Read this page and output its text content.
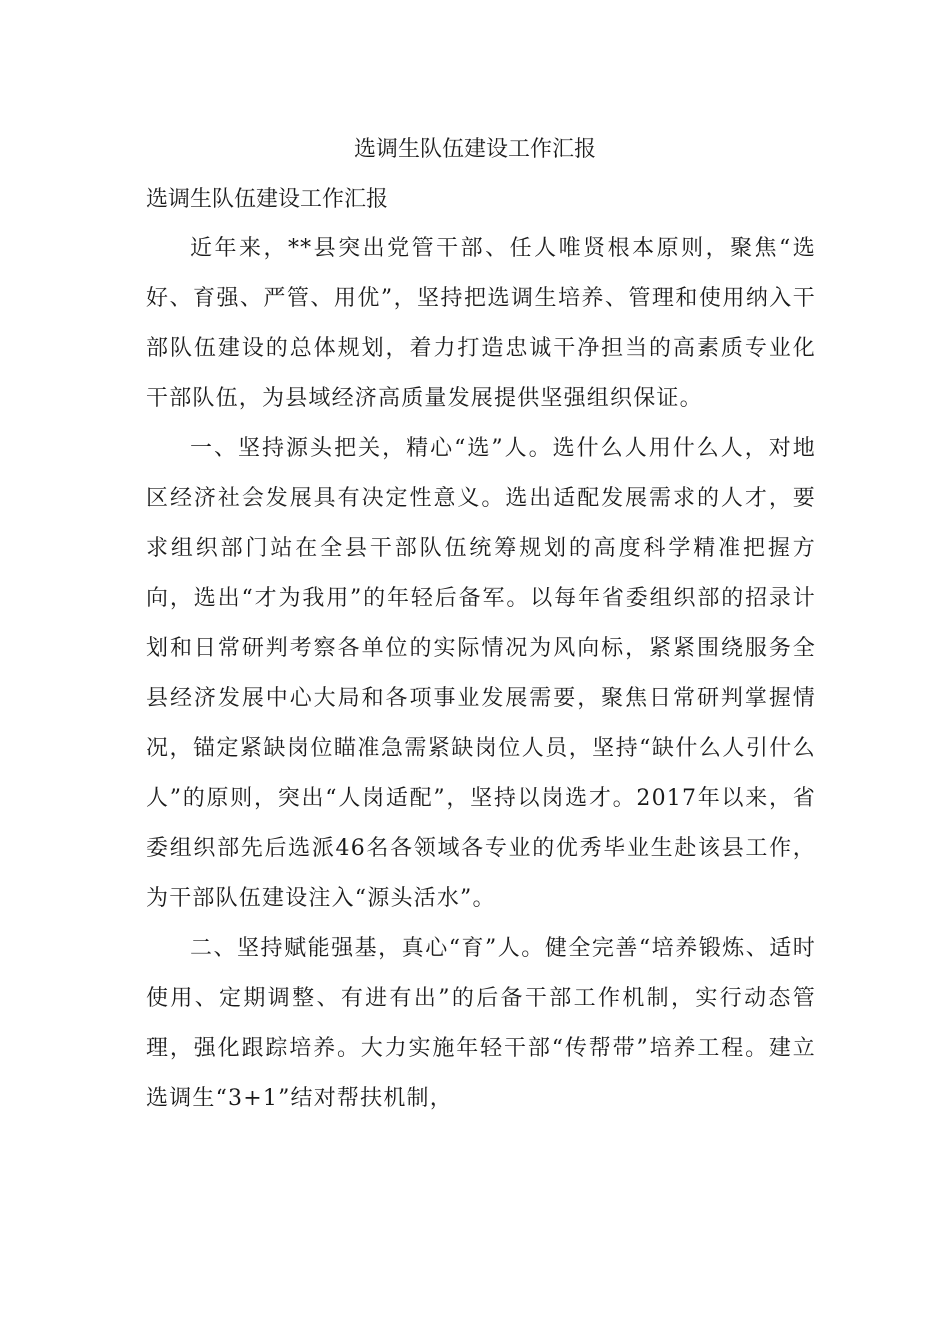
选调生队伍建设工作汇报
选调生队伍建设工作汇报

近年来，**县突出党管干部、任人唯贤根本原则，聚焦“选好、育强、严管、用优”，坚持把选调生培养、管理和使用纳入干部队伍建设的总体规划，着力打造忠诚干净担当的高素质专业化干部队伍，为县域经济高质量发展提供坚强组织保证。

一、坚持源头把关，精心“选”人。选什么人用什么人，对地区经济社会发展具有决定性意义。选出适配发展需求的人才，要求组织部门站在全县干部队伍统筹规划的高度科学精准把握方向，选出“才为我用”的年轻后备军。以每年省委组织部的招录计划和日常研判考察各单位的实际情况为风向标，紧紧围绕服务全县经济发展中心大局和各项事业发展需要，聚焦日常研判掌握情况，锚定紧缺岗位瞄准急需紧缺岗位人员，坚持“缺什么人引什么人”的原则，突出“人岗适配”，坚持以岗选才。2017年以来，省委组织部先后选派46名各领域各专业的优秀毕业生赴该县工作，为干部队伍建设注入“源头活水”。

二、坚持赋能强基，真心“育”人。健全完善“培养锻炼、适时使用、定期调整、有进有出”的后备干部工作机制，实行动态管理，强化跟踪培养。大力实施年轻干部“传帮带”培养工程。建立选调生“3+1”结对帮扶机制，
